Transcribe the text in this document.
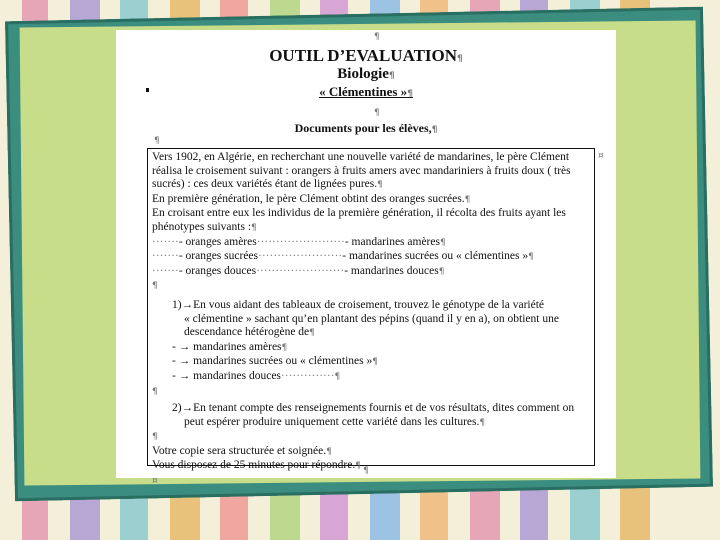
¶
OUTIL D’EVALUATION¶
Biologie¶
« Clémentines »¶
¶
Documents pour les élèves,¶
¶
Vers 1902, en Algérie, en recherchant une nouvelle variété de mandarines, le père Clément
réalisa le croisement suivant : orangers à fruits amers avec mandariniers à fruits doux ( très
sucrés) : ces deux variétés étant de lignées pures.¶
En première génération, le père Clément obtint des oranges sucrées.¶
En croisant entre eux les individus de la première génération, il récolta des fruits ayant les
phénotypes suivants :¶
·······- oranges amères·······················- mandarines amères¶
·······- oranges sucrées······················- mandarines sucrées ou « clémentines »¶
·······- oranges douces·······················- mandarines douces¶
¶
1)→En vous aidant des tableaux de croisement, trouvez le génotype de la variété
« clémentine » sachant qu’en plantant des pépins (quand il y en a), on obtient une
descendance hétérogène de¶
- → mandarines amères¶
- → mandarines sucrées ou « clémentines »¶
- → mandarines douces··············¶
¶
2)→En tenant compte des renseignements fournis et de vos résultats, dites comment on
peut espérer produire uniquement cette variété dans les cultures.¶
¶
Votre copie sera structurée et soignée.¶
Vous disposez de 25 minutes pour répondre.¶
¤
¤
¶
